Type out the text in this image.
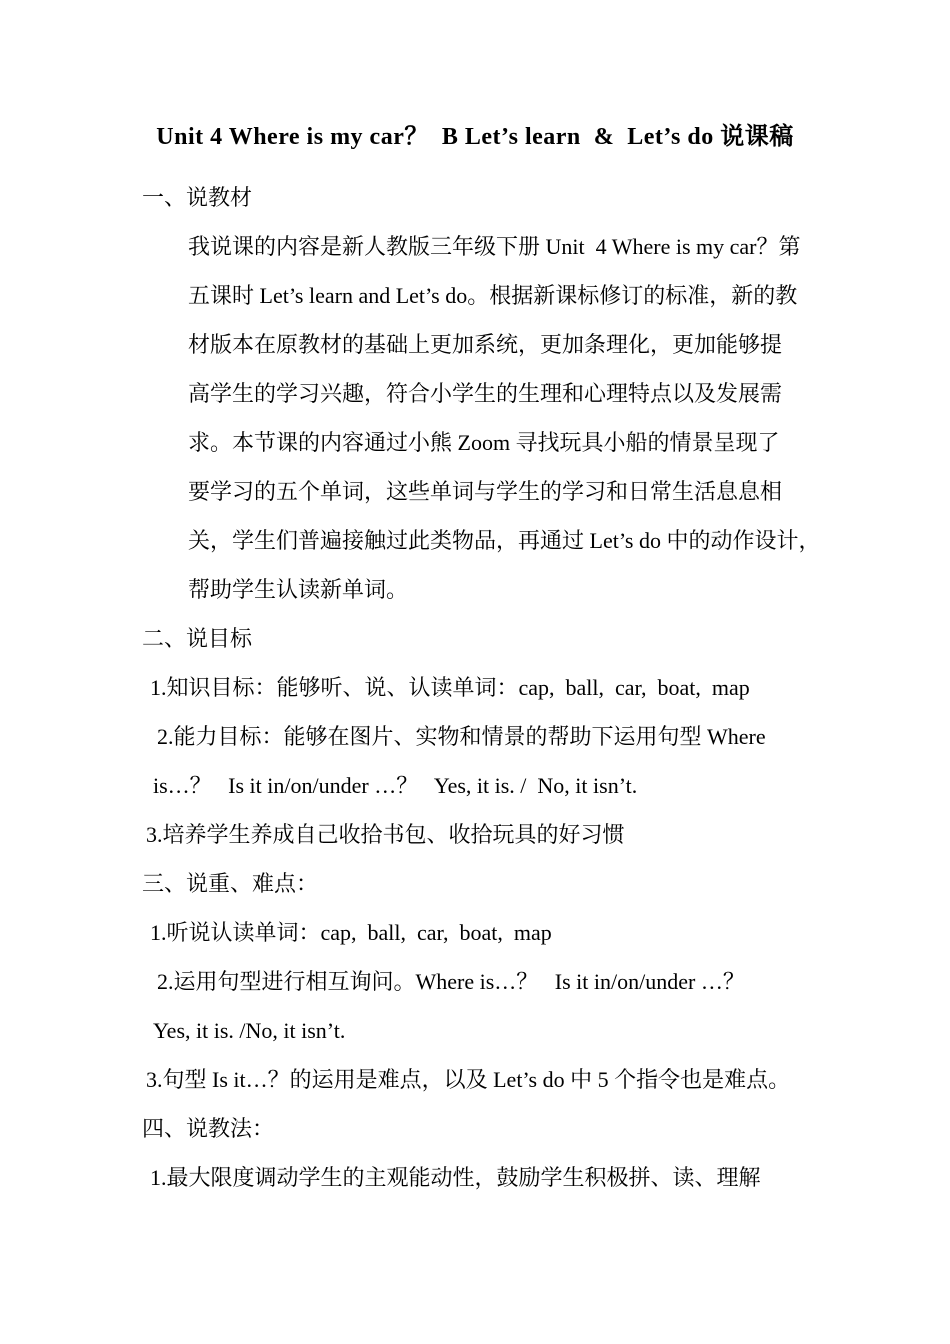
Unit 4 Where is my car？  B Let’s learn  &  Let’s do 说课稿
一、说教材
我说课的内容是新人教版三年级下册 Unit  4 Where is my car？第
五课时 Let’s learn and Let’s do。根据新课标修订的标准，新的教
材版本在原教材的基础上更加系统，更加条理化，更加能够提
高学生的学习兴趣，符合小学生的生理和心理特点以及发展需
求。本节课的内容通过小熊 Zoom 寻找玩具小船的情景呈现了
要学习的五个单词，这些单词与学生的学习和日常生活息息相
关，学生们普遍接触过此类物品，再通过 Let’s do 中的动作设计，
帮助学生认读新单词。
二、说目标
1.知识目标：能够听、说、认读单词：cap,  ball,  car,  boat,  map
2.能力目标：能够在图片、实物和情景的帮助下运用句型 Where
is…？   Is it in/on/under …？   Yes, it is. /  No, it isn’t.
3.培养学生养成自己收拾书包、收拾玩具的好习惯
三、说重、难点：
1.听说认读单词：cap,  ball,  car,  boat,  map
2.运用句型进行相互询问。Where is…？   Is it in/on/under …？
Yes, it is. /No, it isn’t.
3.句型 Is it…？的运用是难点，以及 Let’s do 中 5 个指令也是难点。
四、说教法：
1.最大限度调动学生的主观能动性，鼓励学生积极拼、读、理解
